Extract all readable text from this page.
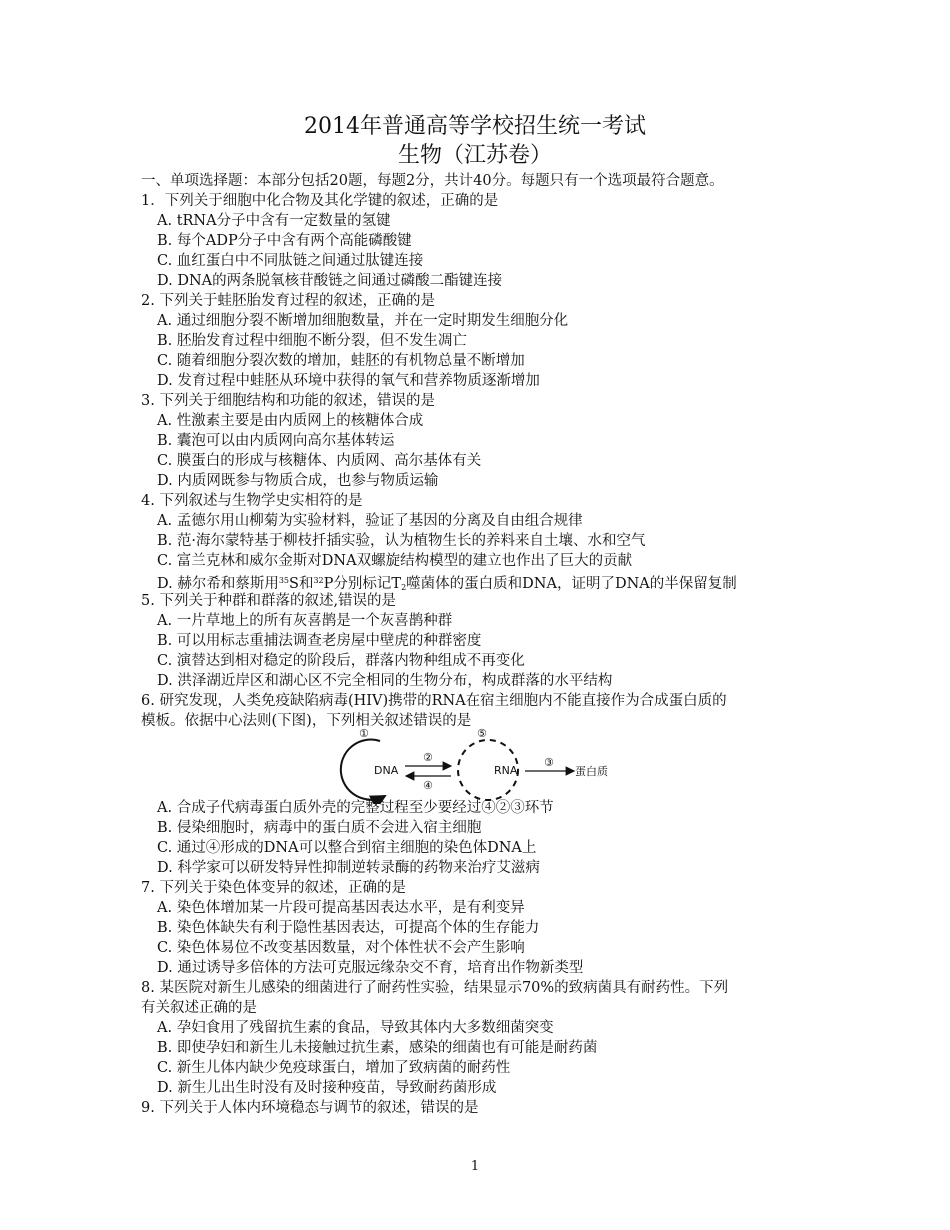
2014年普通高等学校招生统一考试
生物（江苏卷）
一、单项选择题：本部分包括20题，每题2分，共计40分。每题只有一个选项最符合题意。
1．下列关于细胞中化合物及其化学键的叙述，正确的是
A. tRNA分子中含有一定数量的氢键
B. 每个ADP分子中含有两个高能磷酸键
C. 血红蛋白中不同肽链之间通过肽键连接
D. DNA的两条脱氧核苷酸链之间通过磷酸二酯键连接
2. 下列关于蛙胚胎发育过程的叙述，正确的是
A. 通过细胞分裂不断增加细胞数量，并在一定时期发生细胞分化
B. 胚胎发育过程中细胞不断分裂，但不发生凋亡
C. 随着细胞分裂次数的增加，蛙胚的有机物总量不断增加
D. 发育过程中蛙胚从环境中获得的氧气和营养物质逐渐增加
3. 下列关于细胞结构和功能的叙述，错误的是
A. 性激素主要是由内质网上的核糖体合成
B. 囊泡可以由内质网向高尔基体转运
C. 膜蛋白的形成与核糖体、内质网、高尔基体有关
D. 内质网既参与物质合成，也参与物质运输
4. 下列叙述与生物学史实相符的是
A. 孟德尔用山柳菊为实验材料，验证了基因的分离及自由组合规律
B. 范·海尔蒙特基于柳枝扦插实验，认为植物生长的养料来自土壤、水和空气
C. 富兰克林和威尔金斯对DNA双螺旋结构模型的建立也作出了巨大的贡献
D. 赫尔希和蔡斯用$^{35}$S和$^{32}$P分别标记$T_2$噬菌体的蛋白质和DNA，证明了DNA的半保留复制
5. 下列关于种群和群落的叙述,错误的是
A. 一片草地上的所有灰喜鹊是一个灰喜鹊种群
B. 可以用标志重捕法调查老房屋中壁虎的种群密度
C. 演替达到相对稳定的阶段后，群落内物种组成不再变化
D. 洪泽湖近岸区和湖心区不完全相同的生物分布，构成群落的水平结构
6. 研究发现，人类免疫缺陷病毒(HIV)携带的RNA在宿主细胞内不能直接作为合成蛋白质的
模板。依据中心法则(下图)，下列相关叙述错误的是
①
DNA
②
④
⑤
RNA
③
蛋白质
A. 合成子代病毒蛋白质外壳的完整过程至少要经过④②③环节
B. 侵染细胞时，病毒中的蛋白质不会进入宿主细胞
C. 通过④形成的DNA可以整合到宿主细胞的染色体DNA上
D. 科学家可以研发特异性抑制逆转录酶的药物来治疗艾滋病
7. 下列关于染色体变异的叙述，正确的是
A. 染色体增加某一片段可提高基因表达水平，是有利变异
B. 染色体缺失有利于隐性基因表达，可提高个体的生存能力
C. 染色体易位不改变基因数量，对个体性状不会产生影响
D. 通过诱导多倍体的方法可克服远缘杂交不育，培育出作物新类型
8. 某医院对新生儿感染的细菌进行了耐药性实验，结果显示70%的致病菌具有耐药性。下列
有关叙述正确的是
A. 孕妇食用了残留抗生素的食品，导致其体内大多数细菌突变
B. 即使孕妇和新生儿未接触过抗生素，感染的细菌也有可能是耐药菌
C. 新生儿体内缺少免疫球蛋白，增加了致病菌的耐药性
D. 新生儿出生时没有及时接种疫苗，导致耐药菌形成
9. 下列关于人体内环境稳态与调节的叙述，错误的是
1
